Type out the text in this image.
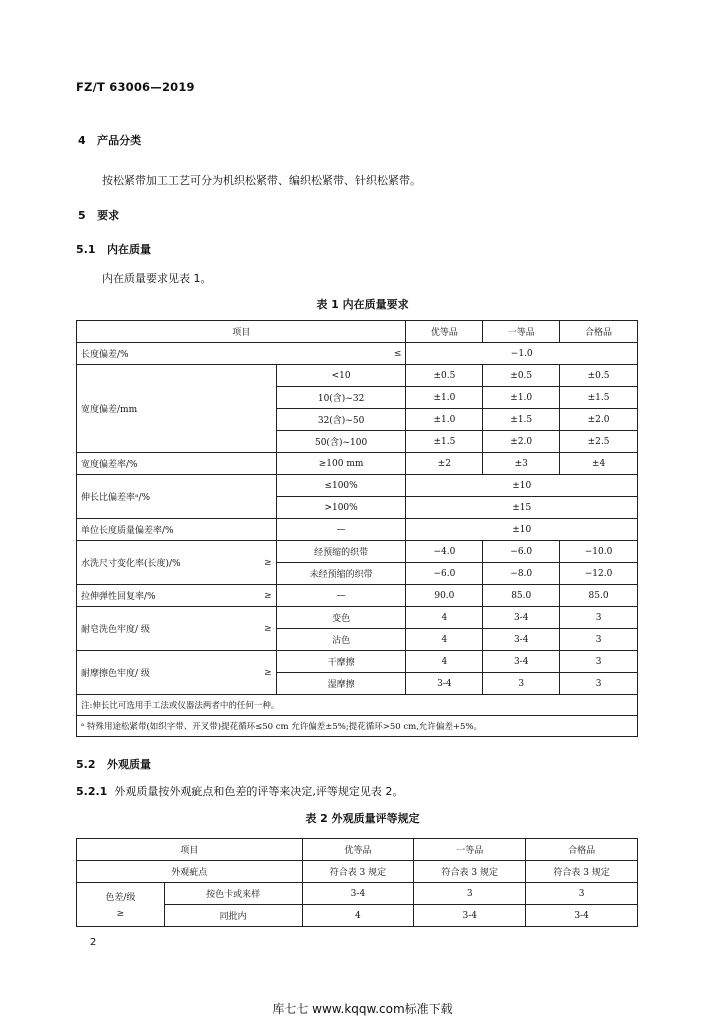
FZ/T 63006—2019
4 产品分类
按松紧带加工工艺可分为机织松紧带、编织松紧带、针织松紧带。
5 要求
5.1 内在质量
内在质量要求见表 1。
表 1 内在质量要求
项目			优等品	一等品	合格品
长度偏差/%		≤	−1.0		
宽度偏差/mm		<10	±0.5	±0.5	±0.5
		10(含)~32	±1.0	±1.0	±1.5
		32(含)~50	±1.0	±1.5	±2.0
		50(含)~100	±1.5	±2.0	±2.5
宽度偏差率/%		≥100 mm	±2	±3	±4
伸长比偏差率ᵃ/%		≤100%	±10		
		>100%	±15		
单位长度质量偏差率/%		—	±10		
水洗尺寸变化率(长度)/%	≥	经预缩的织带	−4.0	−6.0	−10.0
		未经预缩的织带	−6.0	−8.0	−12.0
拉伸弹性回复率/%	≥	—	90.0	85.0	85.0
耐皂洗色牢度/ 级	≥	变色	4	3-4	3
		沾色	4	3-4	3
耐摩擦色牢度/ 级	≥	干摩擦	4	3-4	3
		湿摩擦	3-4	3	3
注:伸长比可选用手工法或仪器法两者中的任何一种。					
ᵃ 特殊用途松紧带(如织字带、开叉带)提花循环≤50 cm 允许偏差±5%;提花循环>50 cm,允许偏差+5%。					
5.2 外观质量
5.2.1 外观质量按外观疵点和色差的评等来决定,评等规定见表 2。
表 2 外观质量评等规定
项目		优等品	一等品	合格品
外观疵点		符合表 3 规定	符合表 3 规定	符合表 3 规定

色差/级
≥	按色卡或来样	3-4	3	3
	同批内	4	3-4	3-4
2
库七七 www.kqqw.com标准下载
